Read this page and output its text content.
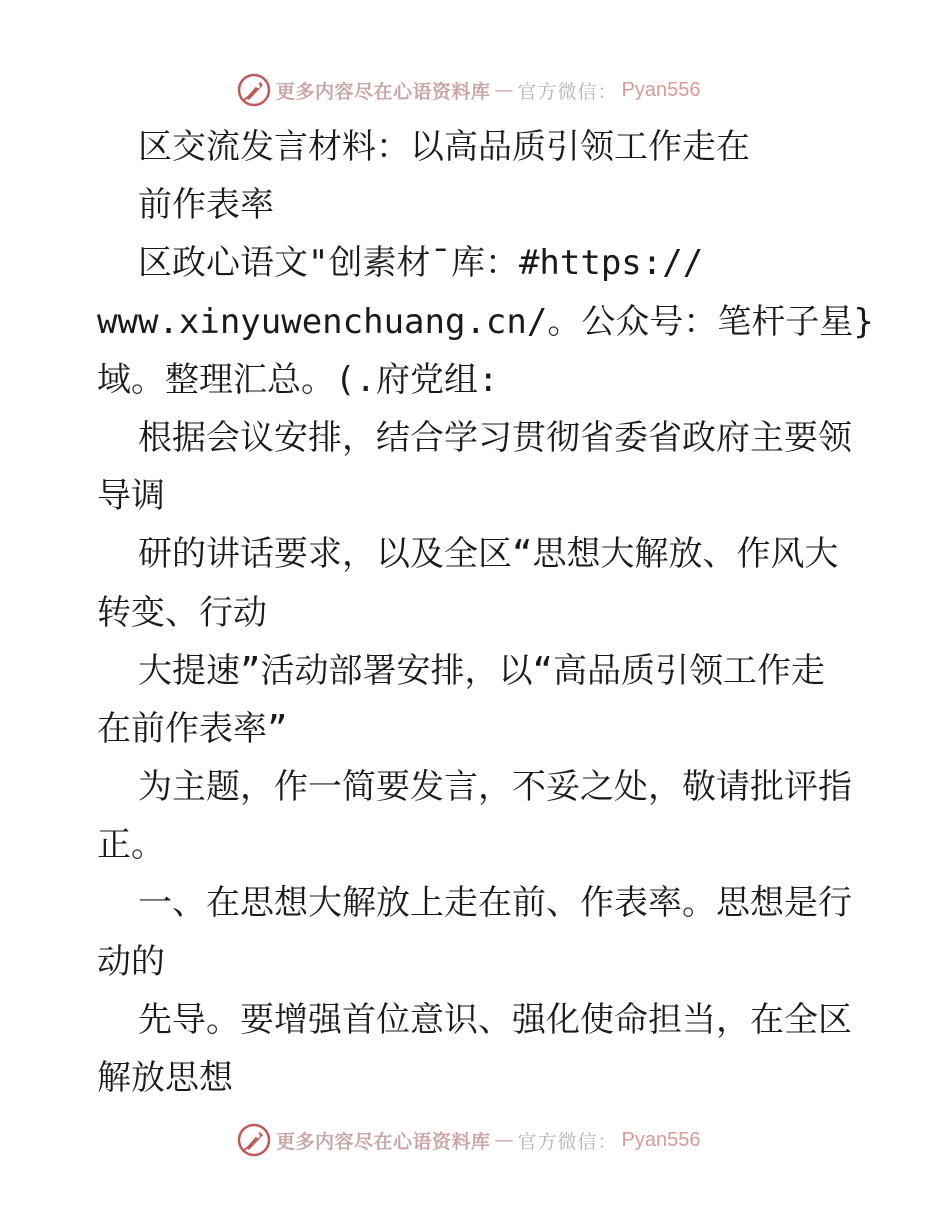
更多内容尽在心语资料库 — 官方微信： Pyan556
区交流发言材料：以高品质引领工作走在
前作表率
区政心语文"创素材¯库：#https://
www.xinyuwenchuang.cn/。公众号：笔杆子星}
域。整理汇总。(.府党组:
根据会议安排，结合学习贯彻省委省政府主要领
导调
研的讲话要求，以及全区“思想大解放、作风大
转变、行动
大提速”活动部署安排，以“高品质引领工作走
在前作表率”
为主题，作一简要发言，不妥之处，敬请批评指
正。
一、在思想大解放上走在前、作表率。思想是行
动的
先导。要增强首位意识、强化使命担当，在全区
解放思想
更多内容尽在心语资料库 — 官方微信： Pyan556
